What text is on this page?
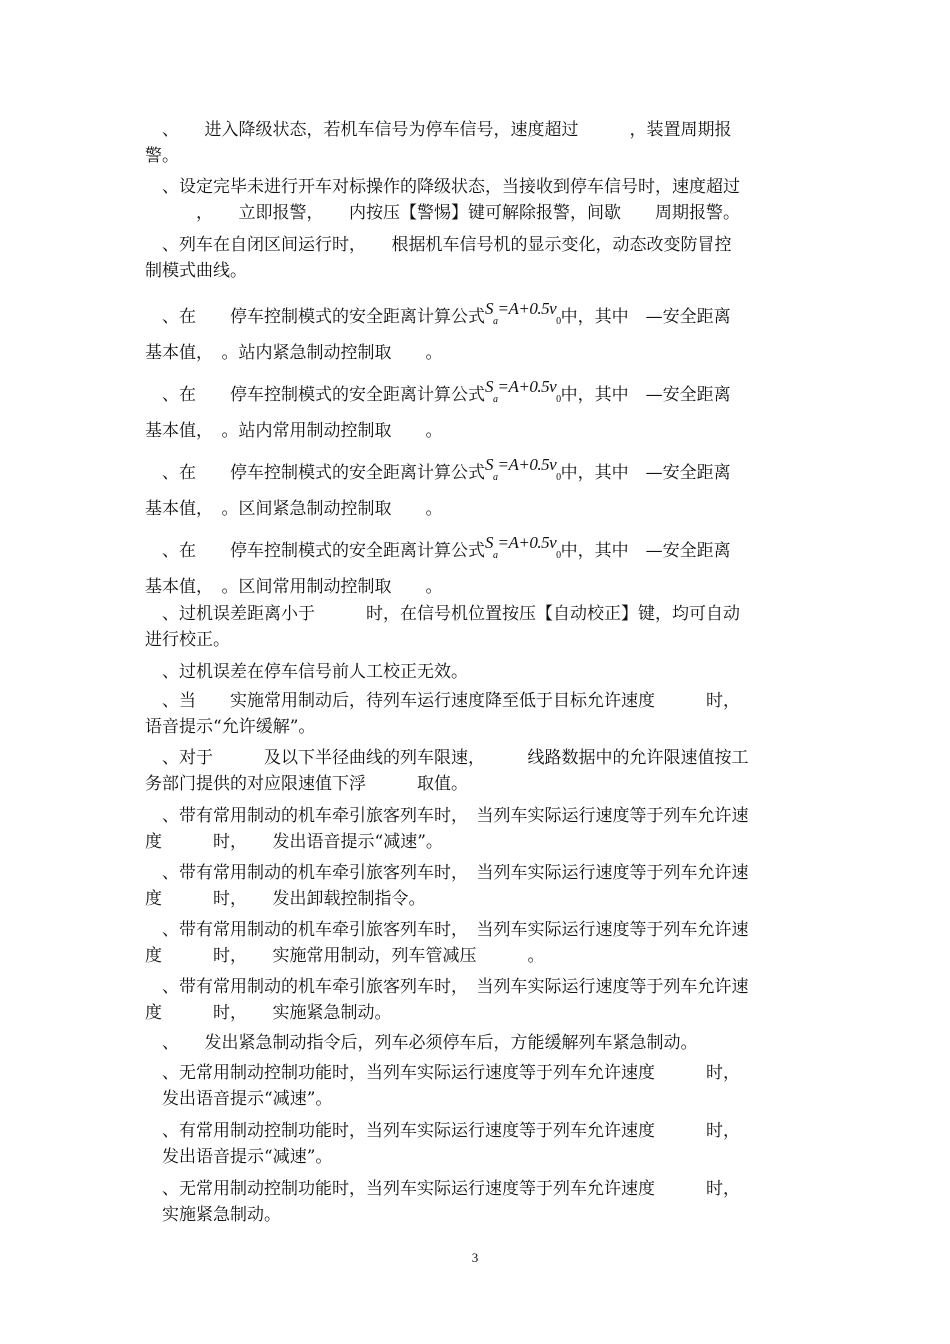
　、　　进入降级状态，若机车信号为停车信号，速度超过　　　，装置周期报
警。
　、设定完毕未进行开车对标操作的降级状态，当接收到停车信号时，速度超过
　　　，　　立即报警，　　内按压【警惕】键可解除报警，间歇　　周期报警。
　、列车在自闭区间运行时，　　根据机车信号机的显示变化，动态改变防冒控
制模式曲线。
基本值，　。站内紧急制动控制取　　。
基本值，　。站内常用制动控制取　　。
基本值，　。区间紧急制动控制取　　。
基本值，　。区间常用制动控制取　　。
　、过机误差距离小于　　　时，在信号机位置按压【自动校正】键，均可自动
进行校正。
　、过机误差在停车信号前人工校正无效。
　、当　　实施常用制动后，待列车运行速度降至低于目标允许速度　　　时，
语音提示“允许缓解”。
　、对于　　　及以下半径曲线的列车限速，　　　线路数据中的允许限速值按工
务部门提供的对应限速值下浮　　　取值。
　、带有常用制动的机车牵引旅客列车时，　当列车实际运行速度等于列车允许速
度　　　时，　　发出语音提示“减速”。
　、带有常用制动的机车牵引旅客列车时，　当列车实际运行速度等于列车允许速
度　　　时，　　发出卸载控制指令。
　、带有常用制动的机车牵引旅客列车时，　当列车实际运行速度等于列车允许速
度　　　时，　　实施常用制动，列车管减压　　　。
　、带有常用制动的机车牵引旅客列车时，　当列车实际运行速度等于列车允许速
度　　　时，　　实施紧急制动。
　、　　发出紧急制动指令后，列车必须停车后，方能缓解列车紧急制动。
　、无常用制动控制功能时，当列车实际运行速度等于列车允许速度　　　时，
　发出语音提示“减速”。
　、有常用制动控制功能时，当列车实际运行速度等于列车允许速度　　　时，
　发出语音提示“减速”。
　、无常用制动控制功能时，当列车实际运行速度等于列车允许速度　　　时，
　实施紧急制动。
　、在　　停车控制模式的安全距离计算公式$S_a=A+0.5v_0$中，其中　—安全距离
　、在　　停车控制模式的安全距离计算公式$S_a=A+0.5v_0$中，其中　—安全距离
　、在　　停车控制模式的安全距离计算公式$S_a=A+0.5v_0$中，其中　—安全距离
　、在　　停车控制模式的安全距离计算公式$S_a=A+0.5v_0$中，其中　—安全距离
3
